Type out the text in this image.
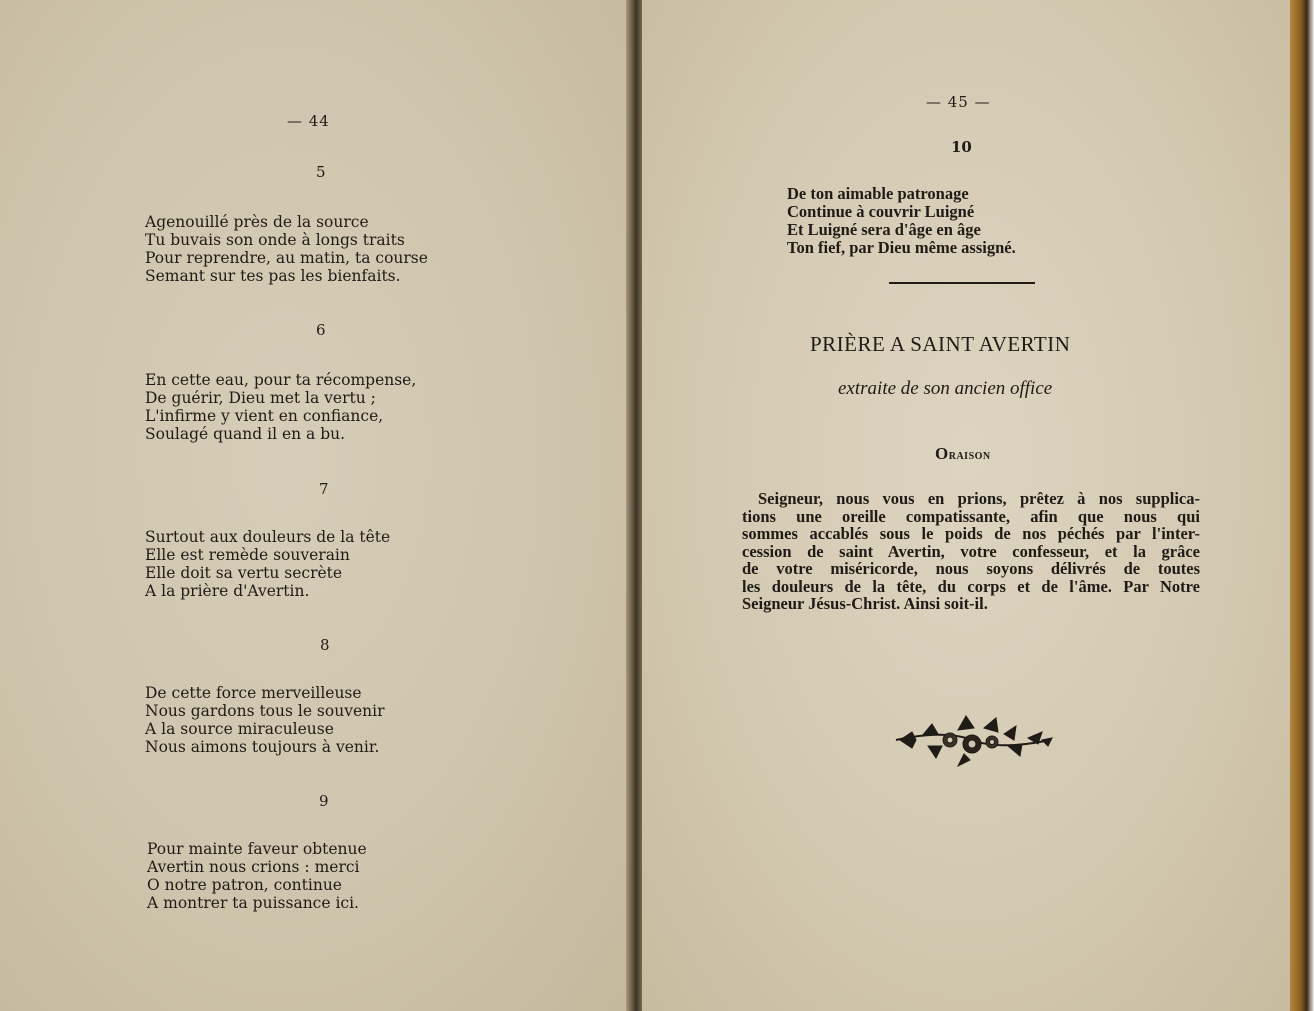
— 44
5
Agenouillé près de la source
Tu buvais son onde à longs traits
Pour reprendre, au matin, ta course
Semant sur tes pas les bienfaits.
6
En cette eau, pour ta récompense,
De guérir, Dieu met la vertu ;
L'infirme y vient en confiance,
Soulagé quand il en a bu.
7
Surtout aux douleurs de la tête
Elle est remède souverain
Elle doit sa vertu secrète
A la prière d'Avertin.
8
De cette force merveilleuse
Nous gardons tous le souvenir
A la source miraculeuse
Nous aimons toujours à venir.
9
Pour mainte faveur obtenue
Avertin nous crions : merci
O notre patron, continue
A montrer ta puissance ici.
— 45 —
10
De ton aimable patronage
Continue à couvrir Luigné
Et Luigné sera d'âge en âge
Ton fief, par Dieu même assigné.
PRIÈRE A SAINT AVERTIN
extraite de son ancien office
Oraison
Seigneur, nous vous en prions, prêtez à nos supplica-
tions une oreille compatissante, afin que nous qui
sommes accablés sous le poids de nos péchés par l'inter-
cession de saint Avertin, votre confesseur, et la grâce
de votre miséricorde, nous soyons délivrés de toutes
les douleurs de la tête, du corps et de l'âme. Par Notre
Seigneur Jésus-Christ. Ainsi soit-il.
